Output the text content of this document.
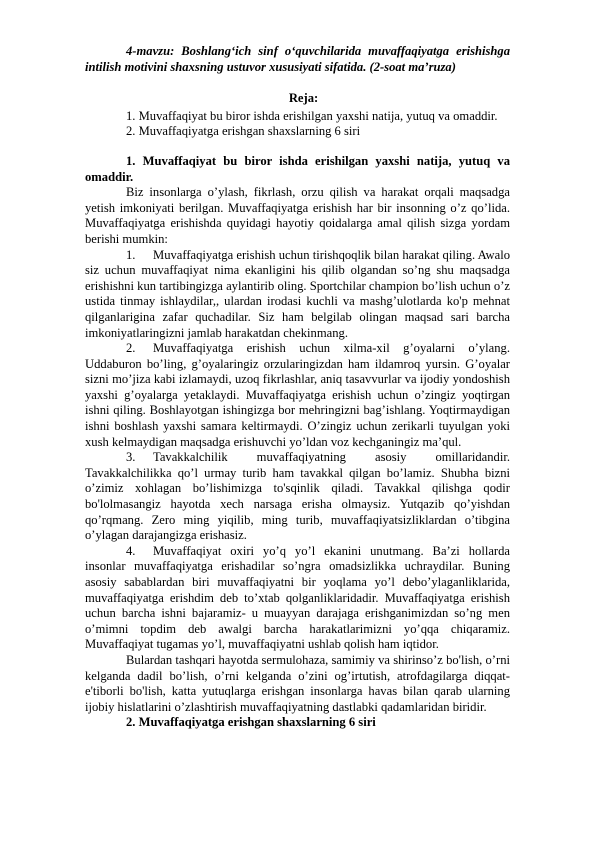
4-mavzu: Boshlang‘ich sinf o‘quvchilarida muvaffaqiyatga erishishga intilish motivini shaxsning ustuvor xususiyati sifatida. (2-soat ma’ruza)

Reja:
1. Muvaffaqiyat bu biror ishda erishilgan yaxshi natija, yutuq va omaddir.
2. Muvaffaqiyatga erishgan shaxslarning 6 siri

1. Muvaffaqiyat bu biror ishda erishilgan yaxshi natija, yutuq va omaddir.

Biz insonlarga o’ylash, fikrlash, orzu qilish va harakat orqali maqsadga yetish imkoniyati berilgan. Muvaffaqiyatga erishish har bir insonning o’z qo’lida. Muvaffaqiyatga erishishda quyidagi hayotiy qoidalarga amal qilish sizga yordam berishi mumkin:

1. Muvaffaqiyatga erishish uchun tirishqoqlik bilan harakat qiling. Awalo siz uchun muvaffaqiyat nima ekanligini his qilib olgandan so’ng shu maqsadga erishishni kun tartibingizga aylantirib oling. Sportchilar champion bo’lish uchun o’z ustida tinmay ishlaydilar,, ulardan irodasi kuchli va mashg’ulotlarda ko'p mehnat qilganlarigina zafar quchadilar. Siz ham belgilab olingan maqsad sari barcha imkoniyatlaringizni jamlab harakatdan chekinmang.

2. Muvaffaqiyatga erishish uchun xilma-xil g’oyalarni o’ylang. Uddaburon bo’ling, g’oyalaringiz orzularingizdan ham ildamroq yursin. G’oyalar sizni mo’jiza kabi izlamaydi, uzoq fikrlashlar, aniq tasavvurlar va ijodiy yondoshish yaxshi g’oyalarga yetaklaydi. Muvaffaqiyatga erishish uchun o’zingiz yoqtirgan ishni qiling. Boshlayotgan ishingizga bor mehringizni bag’ishlang. Yoqtirmaydigan ishni boshlash yaxshi samara keltirmaydi. O’zingiz uchun zerikarli tuyulgan yoki xush kelmaydigan maqsadga erishuvchi yo’ldan voz kechganingiz ma’qul.

3. Tavakkalchilik muvaffaqiyatning asosiy omillaridandir. Tavakkalchilikka qo’l urmay turib ham tavakkal qilgan bo’lamiz. Shubha bizni o’zimiz xohlagan bo’lishimizga to'sqinlik qiladi. Tavakkal qilishga qodir bo'lolmasangiz hayotda xech narsaga erisha olmaysiz. Yutqazib qo’yishdan qo’rqmang. Zero ming yiqilib, ming turib, muvaffaqiyatsizliklardan o’tibgina o’ylagan darajangizga erishasiz.

4. Muvaffaqiyat oxiri yo’q yo’l ekanini unutmang. Ba’zi hollarda insonlar muvaffaqiyatga erishadilar so’ngra omadsizlikka uchraydilar. Buning asosiy sabablardan biri muvaffaqiyatni bir yoqlama yo’l debo’ylaganliklarida, muvaffaqiyatga erishdim deb to’xtab qolganliklaridadir. Muvaffaqiyatga erishish uchun barcha ishni bajaramiz- u muayyan darajaga erishganimizdan so’ng men o’mimni topdim deb awalgi barcha harakatlarimizni yo’qqa chiqaramiz. Muvaffaqiyat tugamas yo’l, muvaffaqiyatni ushlab qolish ham iqtidor.

Bulardan tashqari hayotda sermulohaza, samimiy va shirinso’z bo'lish, o’rni kelganda dadil bo’lish, o’rni kelganda o’zini og’irtutish, atrofdagilarga diqqat-e'tiborli bo'lish, katta yutuqlarga erishgan insonlarga havas bilan qarab ularning ijobiy hislatlarini o’zlashtirish muvaffaqiyatning dastlabki qadamlaridan biridir.

2. Muvaffaqiyatga erishgan shaxslarning 6 siri
